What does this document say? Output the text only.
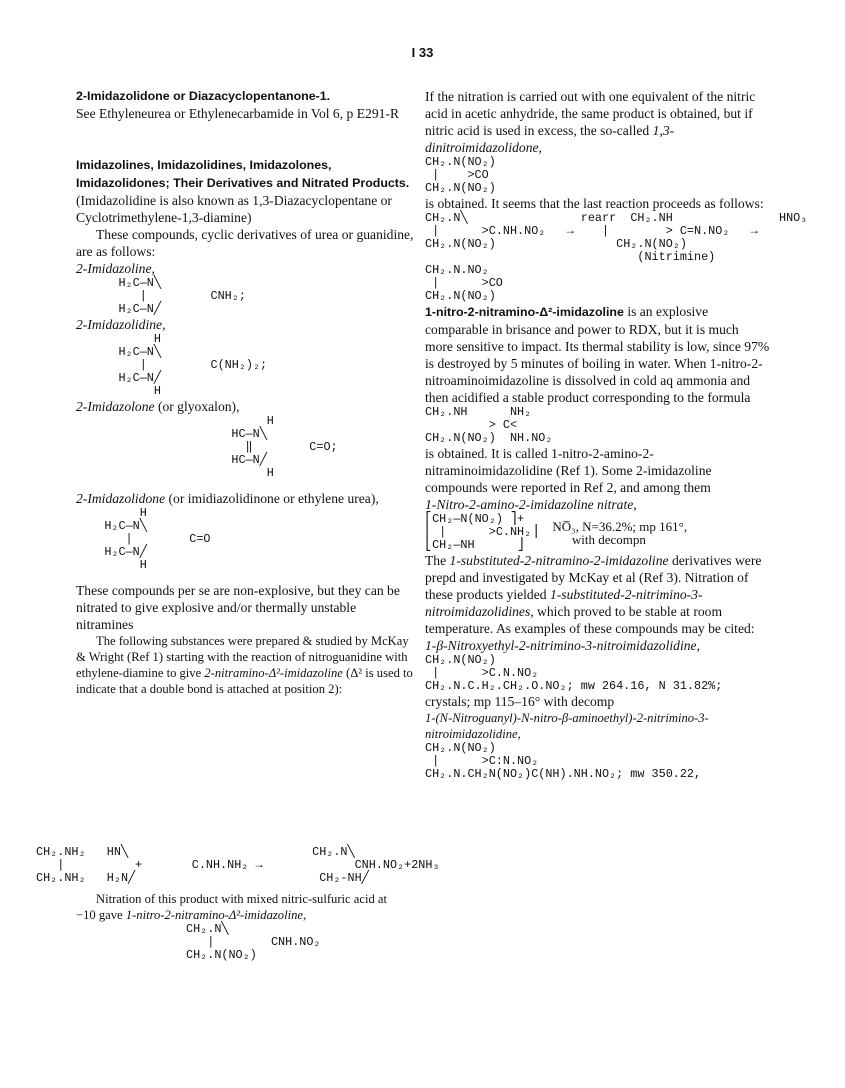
I 33

2-Imidazolidone or Diazacyclopentanone-1.

See Ethyleneurea or Ethylenecarbamide in Vol 6, p E291-R

Imidazolines, Imidazolidines, Imidazolones, Imidazolidones; Their Derivatives and Nitrated Products. (Imidazolidine is also known as 1,3-Diazacyclopentane or Cyclotrimethylene-1,3-diamine)

These compounds, cyclic derivatives of urea or guanidine, are as follows:

2-Imidazoline,

H₂C—N╲
|         CNH₂;
H₂C—N╱

2-Imidazolidine,

H
H₂C—N╲
|         C(NH₂)₂;
H₂C—N╱
H

2-Imidazolone (or glyoxalon),

H
HC—N╲
‖        C=O;
HC—N╱
H

2-Imidazolidone (or imidiazolidinone or ethylene urea),

H
H₂C—N╲
|        C=O
H₂C—N╱
H

These compounds per se are non-explosive, but they can be nitrated to give explosive and/or thermally unstable nitramines

The following substances were prepared & studied by McKay & Wright (Ref 1) starting with the reaction of nitroguanidine with ethylene-diamine to give 2-nitramino-Δ²-imidazoline (Δ² is used to indicate that a double bond is attached at position 2):

CH₂.NH₂   HN╲                          CH₂.N╲
|          +       C.NH.NH₂ →             CNH.NO₂+2NH₃
CH₂.NH₂   H₂N╱                          CH₂-NH╱

Nitration of this product with mixed nitric-sulfuric acid at −10 gave 1-nitro-2-nitramino-Δ²-imidazoline,

CH₂.N╲
|        CNH.NO₂
CH₂.N(NO₂)

If the nitration is carried out with one equivalent of the nitric acid in acetic anhydride, the same product is obtained, but if nitric acid is used in excess, the so-called 1,3-dinitroimidazolidone,

CH₂.N(NO₂)
|    >CO
CH₂.N(NO₂)

is obtained. It seems that the last reaction proceeds as follows:

CH₂.N╲                rearr  CH₂.NH               HNO₃
|      >C.NH.NO₂   →    |        > C=N.NO₂   →
CH₂.N(NO₂)                 CH₂.N(NO₂)
(Nitrimine)
CH₂.N.NO₂
|      >CO
CH₂.N(NO₂)

1-nitro-2-nitramino-Δ²-imidazoline is an explosive comparable in brisance and power to RDX, but it is much more sensitive to impact. Its thermal stability is low, since 97% is destroyed by 5 minutes of boiling in water. When 1-nitro-2-nitroaminoimidazoline is dissolved in cold aq ammonia and then acidified a stable product corresponding to the formula

CH₂.NH      NH₂
> C<
CH₂.N(NO₂)  NH.NO₂

is obtained. It is called 1-nitro-2-amino-2-nitraminoimidazolidine (Ref 1). Some 2-imidazoline compounds were reported in Ref 2, and among them

1-Nitro-2-amino-2-imidazoline nitrate,

⎡CH₂—N(NO₂) ⎤+
⎢ |      >C.NH₂⎥
⎣CH₂—NH      ⎦
NO̅₃, N=36.2%; mp 161°,
with decompn

The 1-substituted-2-nitramino-2-imidazoline derivatives were prepd and investigated by McKay et al (Ref 3). Nitration of these products yielded 1-substituted-2-nitrimino-3-nitroimidazolidines, which proved to be stable at room temperature. As examples of these compounds may be cited:

1-β-Nitroxyethyl-2-nitrimino-3-nitroimidazolidine,

CH₂.N(NO₂)
|      >C.N.NO₂
CH₂.N.C.H₂.CH₂.O.NO₂; mw 264.16, N 31.82%;

crystals; mp 115–16° with decomp

1-(N-Nitroguanyl)-N-nitro-β-aminoethyl)-2-nitrimino-3-nitroimidazolidine,

CH₂.N(NO₂)
|      >C:N.NO₂
CH₂.N.CH₂N(NO₂)C(NH).NH.NO₂; mw 350.22,
